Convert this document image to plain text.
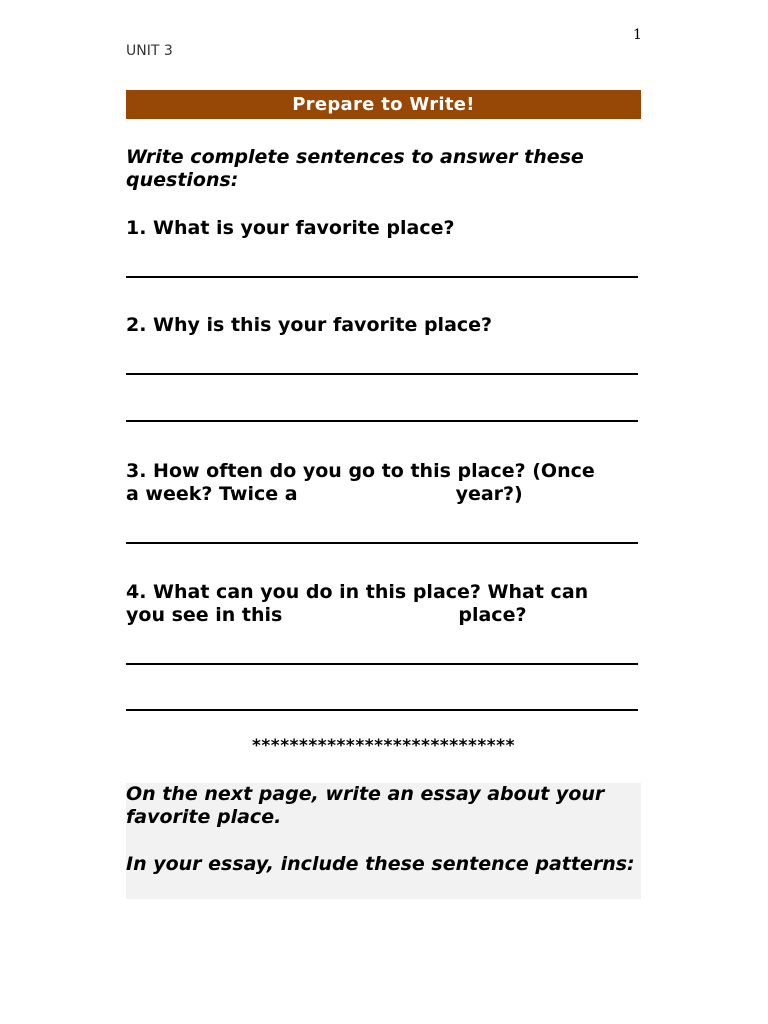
1
UNIT 3
Prepare to Write!
Write complete sentences to answer these questions:
1. What is your favorite place?
2. Why is this your favorite place?
3. How often do you go to this place? (Once
a week? Twice a	year?)
4. What can you do in this place? What can
you see in this	place?
****************************
On the next page, write an essay about your favorite place.
In your essay, include these sentence patterns:
